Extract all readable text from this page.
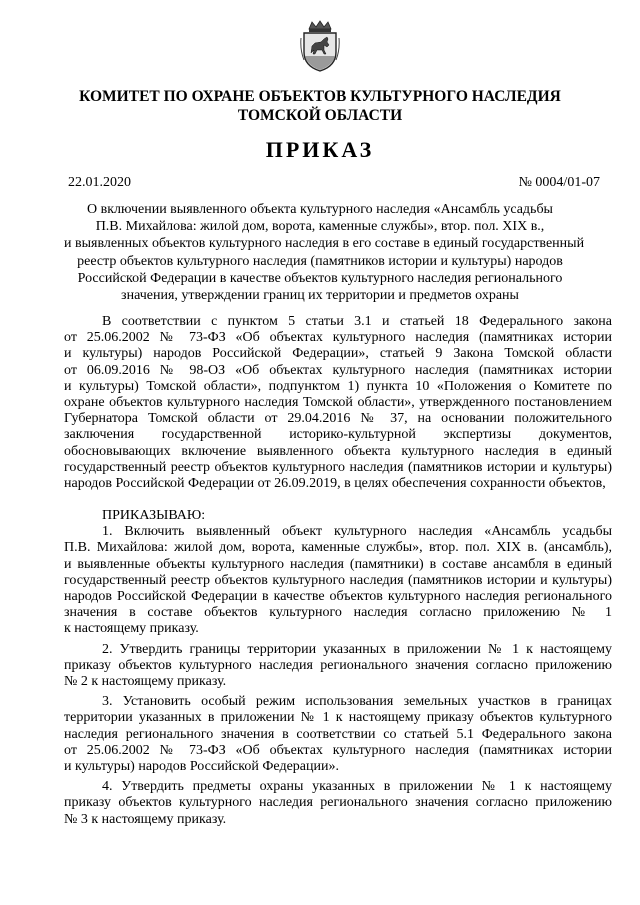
КОМИТЕТ ПО ОХРАНЕ ОБЪЕКТОВ КУЛЬТУРНОГО НАСЛЕДИЯ

ТОМСКОЙ ОБЛАСТИ

ПРИКАЗ

22.01.2020	№ 0004/01-07
О включении выявленного объекта культурного наследия «Ансамбль усадьбы
П.В. Михайлова: жилой дом, ворота, каменные службы», втор. пол. XIX в.,
и выявленных объектов культурного наследия в его составе в единый государственный
реестр объектов культурного наследия (памятников истории и культуры) народов
Российской Федерации в качестве объектов культурного наследия регионального
значения, утверждении границ их территории и предметов охраны
В соответствии с пунктом 5 статьи 3.1 и статьей 18 Федерального закона
от 25.06.2002 № 73-ФЗ «Об объектах культурного наследия (памятниках истории
и культуры) народов Российской Федерации», статьей 9 Закона Томской области
от 06.09.2016 № 98-ОЗ «Об объектах культурного наследия (памятниках истории
и культуры) Томской области», подпунктом 1) пункта 10 «Положения о Комитете по
охране объектов культурного наследия Томской области», утвержденного постановлением
Губернатора Томской области от 29.04.2016 № 37, на основании положительного
заключения государственной историко-культурной экспертизы документов,
обосновывающих включение выявленного объекта культурного наследия в единый
государственный реестр объектов культурного наследия (памятников истории и культуры)
народов Российской Федерации от 26.09.2019, в целях обеспечения сохранности объектов,
ПРИКАЗЫВАЮ:
1. Включить выявленный объект культурного наследия «Ансамбль усадьбы
П.В. Михайлова: жилой дом, ворота, каменные службы», втор. пол. XIX в. (ансамбль),
и выявленные объекты культурного наследия (памятники) в составе ансамбля в единый
государственный реестр объектов культурного наследия (памятников истории и культуры)
народов Российской Федерации в качестве объектов культурного наследия регионального
значения в составе объектов культурного наследия согласно приложению № 1
к настоящему приказу.
2. Утвердить границы территории указанных в приложении № 1 к настоящему
приказу объектов культурного наследия регионального значения согласно приложению
№ 2 к настоящему приказу.
3. Установить особый режим использования земельных участков в границах
территории указанных в приложении № 1 к настоящему приказу объектов культурного
наследия регионального значения в соответствии со статьей 5.1 Федерального закона
от 25.06.2002 № 73-ФЗ «Об объектах культурного наследия (памятниках истории
и культуры) народов Российской Федерации».
4. Утвердить предметы охраны указанных в приложении № 1 к настоящему
приказу объектов культурного наследия регионального значения согласно приложению
№ 3 к настоящему приказу.
